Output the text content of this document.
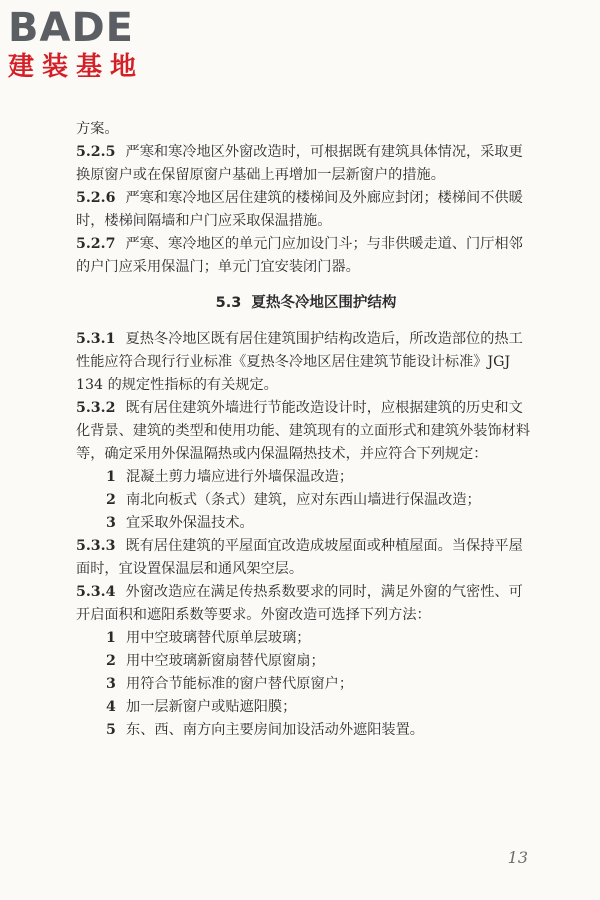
BADE
建装基地

方案。

5.2.5 严寒和寒冷地区外窗改造时，可根据既有建筑具体情况，采取更换原窗户或在保留原窗户基础上再增加一层新窗户的措施。

5.2.6 严寒和寒冷地区居住建筑的楼梯间及外廊应封闭；楼梯间不供暖时，楼梯间隔墙和户门应采取保温措施。

5.2.7 严寒、寒冷地区的单元门应加设门斗；与非供暖走道、门厅相邻的户门应采用保温门；单元门宜安装闭门器。

5.3 夏热冬冷地区围护结构

5.3.1 夏热冬冷地区既有居住建筑围护结构改造后，所改造部位的热工性能应符合现行行业标准《夏热冬冷地区居住建筑节能设计标准》JGJ 134 的规定性指标的有关规定。

5.3.2 既有居住建筑外墙进行节能改造设计时，应根据建筑的历史和文化背景、建筑的类型和使用功能、建筑现有的立面形式和建筑外装饰材料等，确定采用外保温隔热或内保温隔热技术，并应符合下列规定：

1 混凝土剪力墙应进行外墙保温改造；

2 南北向板式（条式）建筑，应对东西山墙进行保温改造；

3 宜采取外保温技术。

5.3.3 既有居住建筑的平屋面宜改造成坡屋面或种植屋面。当保持平屋面时，宜设置保温层和通风架空层。

5.3.4 外窗改造应在满足传热系数要求的同时，满足外窗的气密性、可开启面积和遮阳系数等要求。外窗改造可选择下列方法：

1 用中空玻璃替代原单层玻璃；

2 用中空玻璃新窗扇替代原窗扇；

3 用符合节能标准的窗户替代原窗户；

4 加一层新窗户或贴遮阳膜；

5 东、西、南方向主要房间加设活动外遮阳装置。

13
